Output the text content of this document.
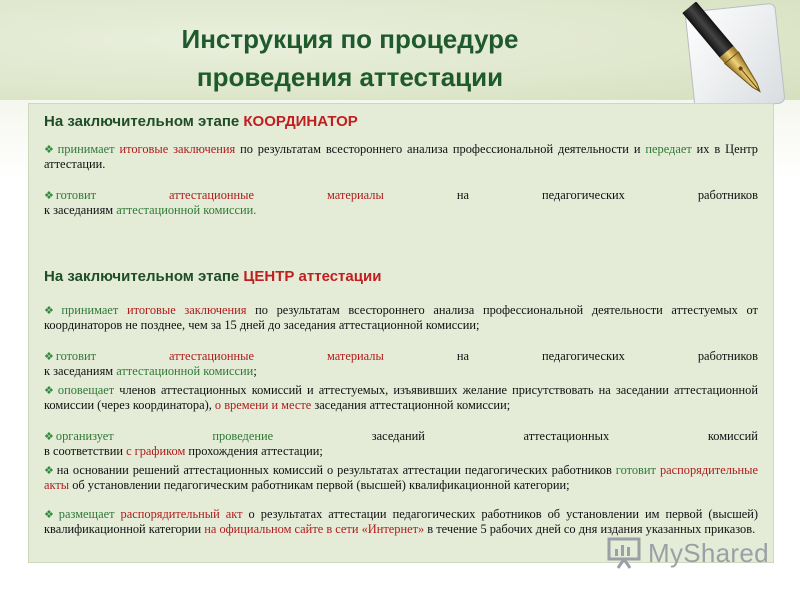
Инструкция по процедуре
проведения аттестации
На заключительном этапе КООРДИНАТОР
❖ принимает итоговые заключения по результатам всестороннего анализа профессиональной деятельности и передает их в Центр аттестации.
❖ готовит	аттестационные	материалы	на	педагогических	работников
к заседаниям аттестационной комиссии.
На заключительном этапе ЦЕНТР аттестации
❖ принимает итоговые заключения по результатам всестороннего анализа профессиональной деятельности аттестуемых от координаторов не позднее, чем за 15 дней до заседания аттестационной комиссии;
❖ готовит	аттестационные	материалы	на	педагогических	работников
к заседаниям аттестационной комиссии;
❖ оповещает членов аттестационных комиссий и аттестуемых, изъявивших желание присутствовать на заседании аттестационной комиссии (через координатора), о времени и месте заседания аттестационной комиссии;
❖ организует	проведение	заседаний	аттестационных	комиссий
в соответствии с графиком прохождения аттестации;
❖ на основании решений аттестационных комиссий о результатах аттестации педагогических работников готовит распорядительные акты об установлении педагогическим работникам первой (высшей) квалификационной категории;
❖ размещает распорядительный акт о результатах аттестации педагогических работников об установлении им первой (высшей) квалификационной категории на официальном сайте в сети «Интернет» в течение 5 рабочих дней со дня издания указанных приказов.
MyShared
